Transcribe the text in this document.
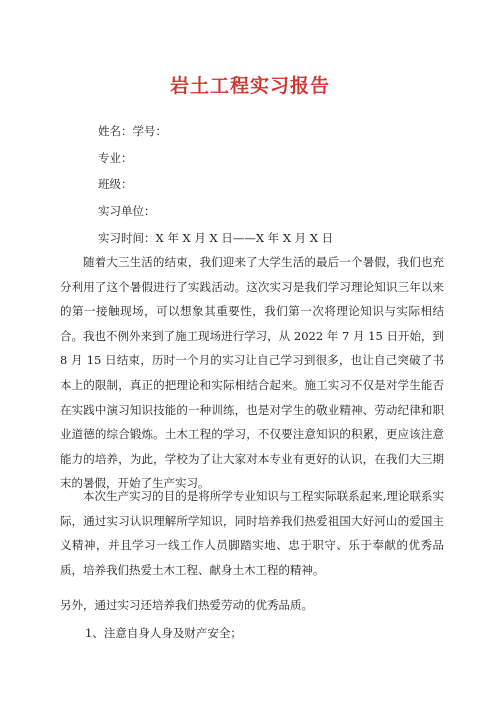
岩土工程实习报告
姓名：学号：
专业：
班级：
实习单位：
实习时间：X 年 X 月 X 日——X 年 X 月 X 日

随着大三生活的结束，我们迎来了大学生活的最后一个暑假，我们也充分利用了这个暑假进行了实践活动。这次实习是我们学习理论知识三年以来的第一接触现场，可以想象其重要性，我们第一次将理论知识与实际相结合。我也不例外来到了施工现场进行学习，从 2022 年 7 月 15 日开始，到 8 月 15 日结束，历时一个月的实习让自己学习到很多，也让自己突破了书本上的限制，真正的把理论和实际相结合起来。施工实习不仅是对学生能否在实践中演习知识技能的一种训练，也是对学生的敬业精神、劳动纪律和职业道德的综合锻炼。土木工程的学习，不仅要注意知识的积累，更应该注意能力的培养，为此，学校为了让大家对本专业有更好的认识，在我们大三期末的暑假，开始了生产实习。

本次生产实习的目的是将所学专业知识与工程实际联系起来,理论联系实际，通过实习认识理解所学知识，同时培养我们热爱祖国大好河山的爱国主义精神，并且学习一线工作人员脚踏实地、忠于职守、乐于奉献的优秀品质，培养我们热爱土木工程、献身土木工程的精神。

另外，通过实习还培养我们热爱劳动的优秀品质。
1、注意自身人身及财产安全；
